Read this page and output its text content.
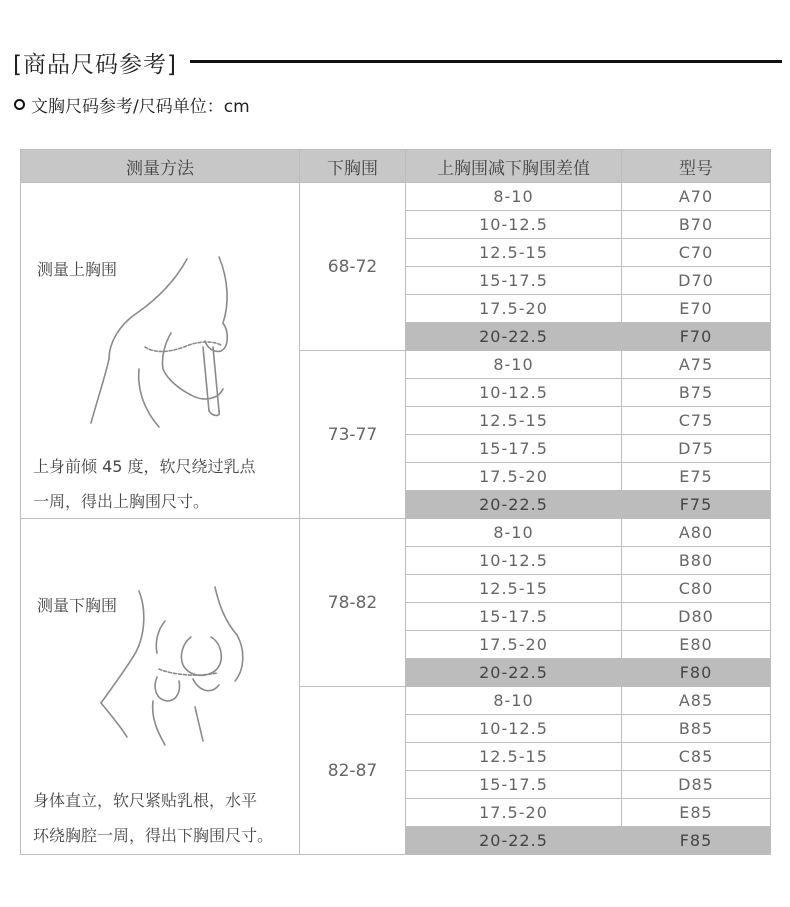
[商品尺码参考]
文胸尺码参考/尺码单位：cm
测量方法	下胸围	上胸围减下胸围差值	型号

测量上胸围
上身前倾 45 度，软尺绕过乳点
一周，得出上胸围尺寸。	68-72	8-10	A70
		10-12.5	B70
		12.5-15	C70
		15-17.5	D70
		17.5-20	E70
		20-22.5	F70
	73-77	8-10	A75
		10-12.5	B75
		12.5-15	C75
		15-17.5	D75
		17.5-20	E75
		20-22.5	F75

测量下胸围
身体直立，软尺紧贴乳根，水平
环绕胸腔一周，得出下胸围尺寸。	78-82	8-10	A80
		10-12.5	B80
		12.5-15	C80
		15-17.5	D80
		17.5-20	E80
		20-22.5	F80
	82-87	8-10	A85
		10-12.5	B85
		12.5-15	C85
		15-17.5	D85
		17.5-20	E85
		20-22.5	F85
